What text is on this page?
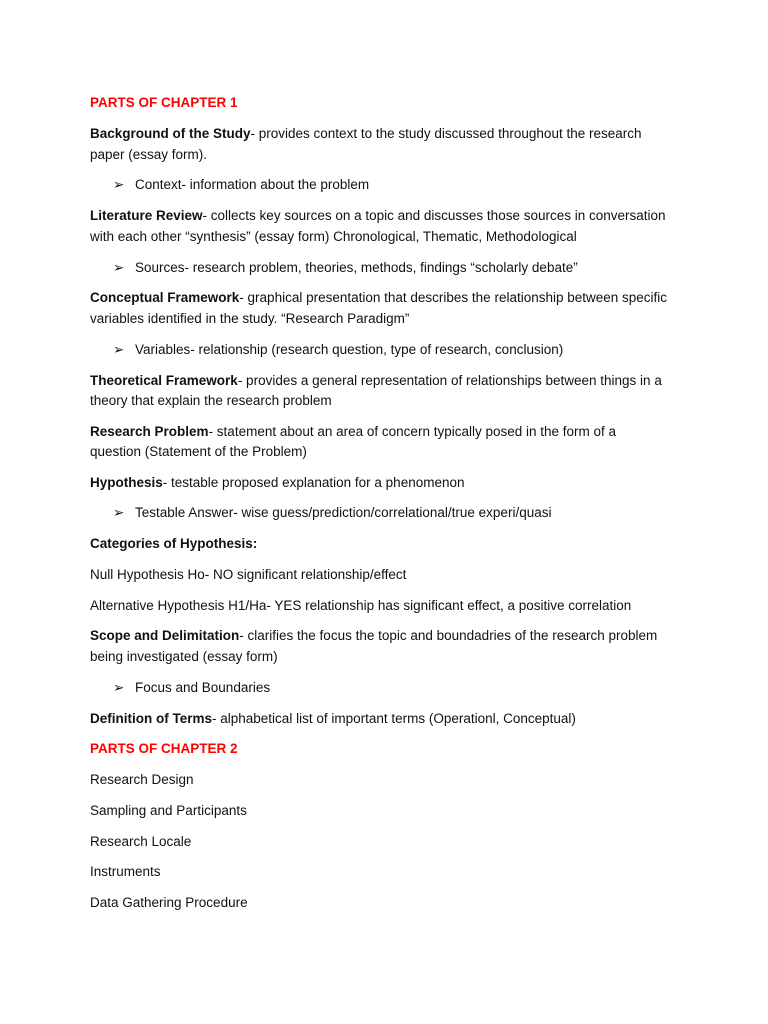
PARTS OF CHAPTER 1
Background of the Study- provides context to the study discussed throughout the research
paper (essay form).
➢ Context- information about the problem
Literature Review- collects key sources on a topic and discusses those sources in conversation
with each other “synthesis” (essay form) Chronological, Thematic, Methodological
➢ Sources- research problem, theories, methods, findings “scholarly debate”
Conceptual Framework- graphical presentation that describes the relationship between specific
variables identified in the study. “Research Paradigm”
➢ Variables- relationship (research question, type of research, conclusion)
Theoretical Framework- provides a general representation of relationships between things in a
theory that explain the research problem
Research Problem- statement about an area of concern typically posed in the form of a
question (Statement of the Problem)
Hypothesis- testable proposed explanation for a phenomenon
➢ Testable Answer- wise guess/prediction/correlational/true experi/quasi
Categories of Hypothesis:
Null Hypothesis Ho- NO significant relationship/effect
Alternative Hypothesis H1/Ha- YES relationship has significant effect, a positive correlation
Scope and Delimitation- clarifies the focus the topic and boundadries of the research problem
being investigated (essay form)
➢ Focus and Boundaries
Definition of Terms- alphabetical list of important terms (Operationl, Conceptual)
PARTS OF CHAPTER 2
Research Design
Sampling and Participants
Research Locale
Instruments
Data Gathering Procedure
